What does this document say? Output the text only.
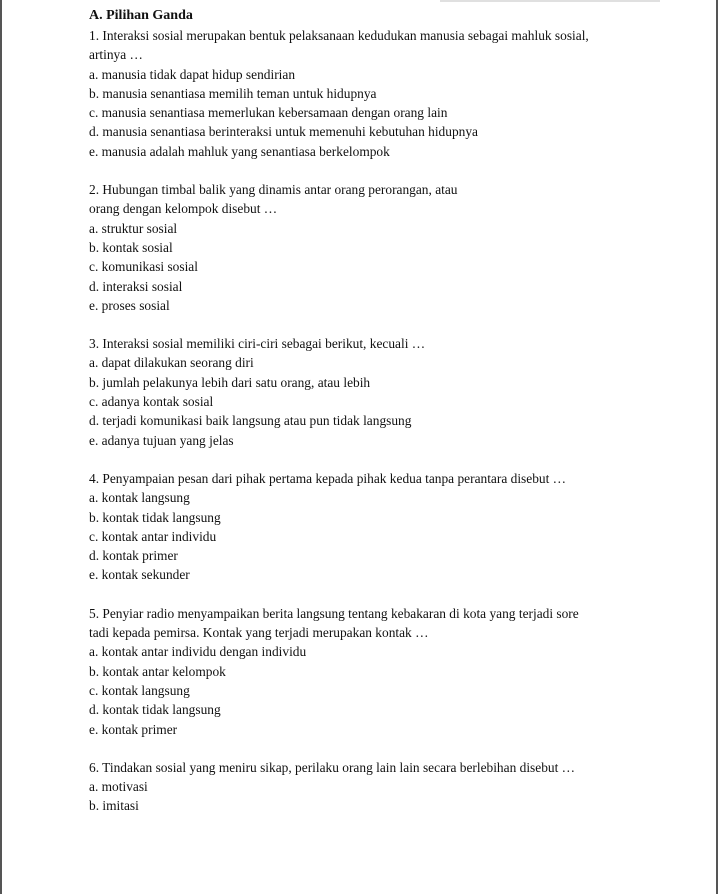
A. Pilihan Ganda

1. Interaksi sosial merupakan bentuk pelaksanaan kedudukan manusia sebagai mahluk sosial,

artinya …

a. manusia tidak dapat hidup sendirian
b. manusia senantiasa memilih teman untuk hidupnya
c. manusia senantiasa memerlukan kebersamaan dengan orang lain
d. manusia senantiasa berinteraksi untuk memenuhi kebutuhan hidupnya
e. manusia adalah mahluk yang senantiasa berkelompok

2. Hubungan timbal balik yang dinamis antar orang perorangan, atau

orang dengan kelompok disebut …

a. struktur sosial
b. kontak sosial
c. komunikasi sosial
d. interaksi sosial
e. proses sosial

3. Interaksi sosial memiliki ciri-ciri sebagai berikut, kecuali …

a. dapat dilakukan seorang diri
b. jumlah pelakunya lebih dari satu orang, atau lebih
c. adanya kontak sosial
d. terjadi komunikasi baik langsung atau pun tidak langsung
e. adanya tujuan yang jelas

4. Penyampaian pesan dari pihak pertama kepada pihak kedua tanpa perantara disebut …

a. kontak langsung
b. kontak tidak langsung
c. kontak antar individu
d. kontak primer
e. kontak sekunder

5. Penyiar radio menyampaikan berita langsung tentang kebakaran di kota yang terjadi sore

tadi kepada pemirsa. Kontak yang terjadi merupakan kontak …

a. kontak antar individu dengan individu
b. kontak antar kelompok
c. kontak langsung
d. kontak tidak langsung
e. kontak primer

6. Tindakan sosial yang meniru sikap, perilaku orang lain lain secara berlebihan disebut …

a. motivasi
b. imitasi
